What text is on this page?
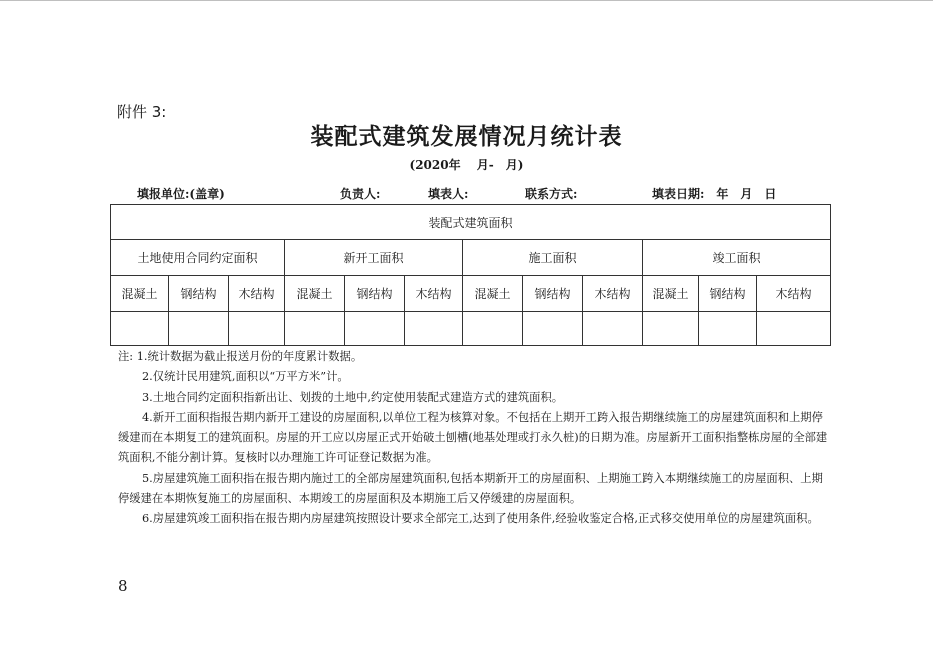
附件 3:
装配式建筑发展情况月统计表
(2020年　 月-　月)
填报单位:(盖章)	负责人:	填表人:	联系方式:	填表日期:　年　月　日
装配式建筑面积											
土地使用合同约定面积			新开工面积			施工面积			竣工面积		
混凝土	钢结构	木结构	混凝土	钢结构	木结构	混凝土	钢结构	木结构	混凝土	钢结构	木结构

注: 1.统计数据为截止报送月份的年度累计数据。

2.仅统计民用建筑,面积以“万平方米”计。

3.土地合同约定面积指新出让、划拨的土地中,约定使用装配式建造方式的建筑面积。

4.新开工面积指报告期内新开工建设的房屋面积,以单位工程为核算对象。不包括在上期开工跨入报告期继续施工的房屋建筑面积和上期停缓建而在本期复工的建筑面积。房屋的开工应以房屋正式开始破土刨槽(地基处理或打永久桩)的日期为准。房屋新开工面积指整栋房屋的全部建筑面积,不能分割计算。复核时以办理施工许可证登记数据为准。

5.房屋建筑施工面积指在报告期内施过工的全部房屋建筑面积,包括本期新开工的房屋面积、上期施工跨入本期继续施工的房屋面积、上期停缓建在本期恢复施工的房屋面积、本期竣工的房屋面积及本期施工后又停缓建的房屋面积。

6.房屋建筑竣工面积指在报告期内房屋建筑按照设计要求全部完工,达到了使用条件,经验收鉴定合格,正式移交使用单位的房屋建筑面积。

8
